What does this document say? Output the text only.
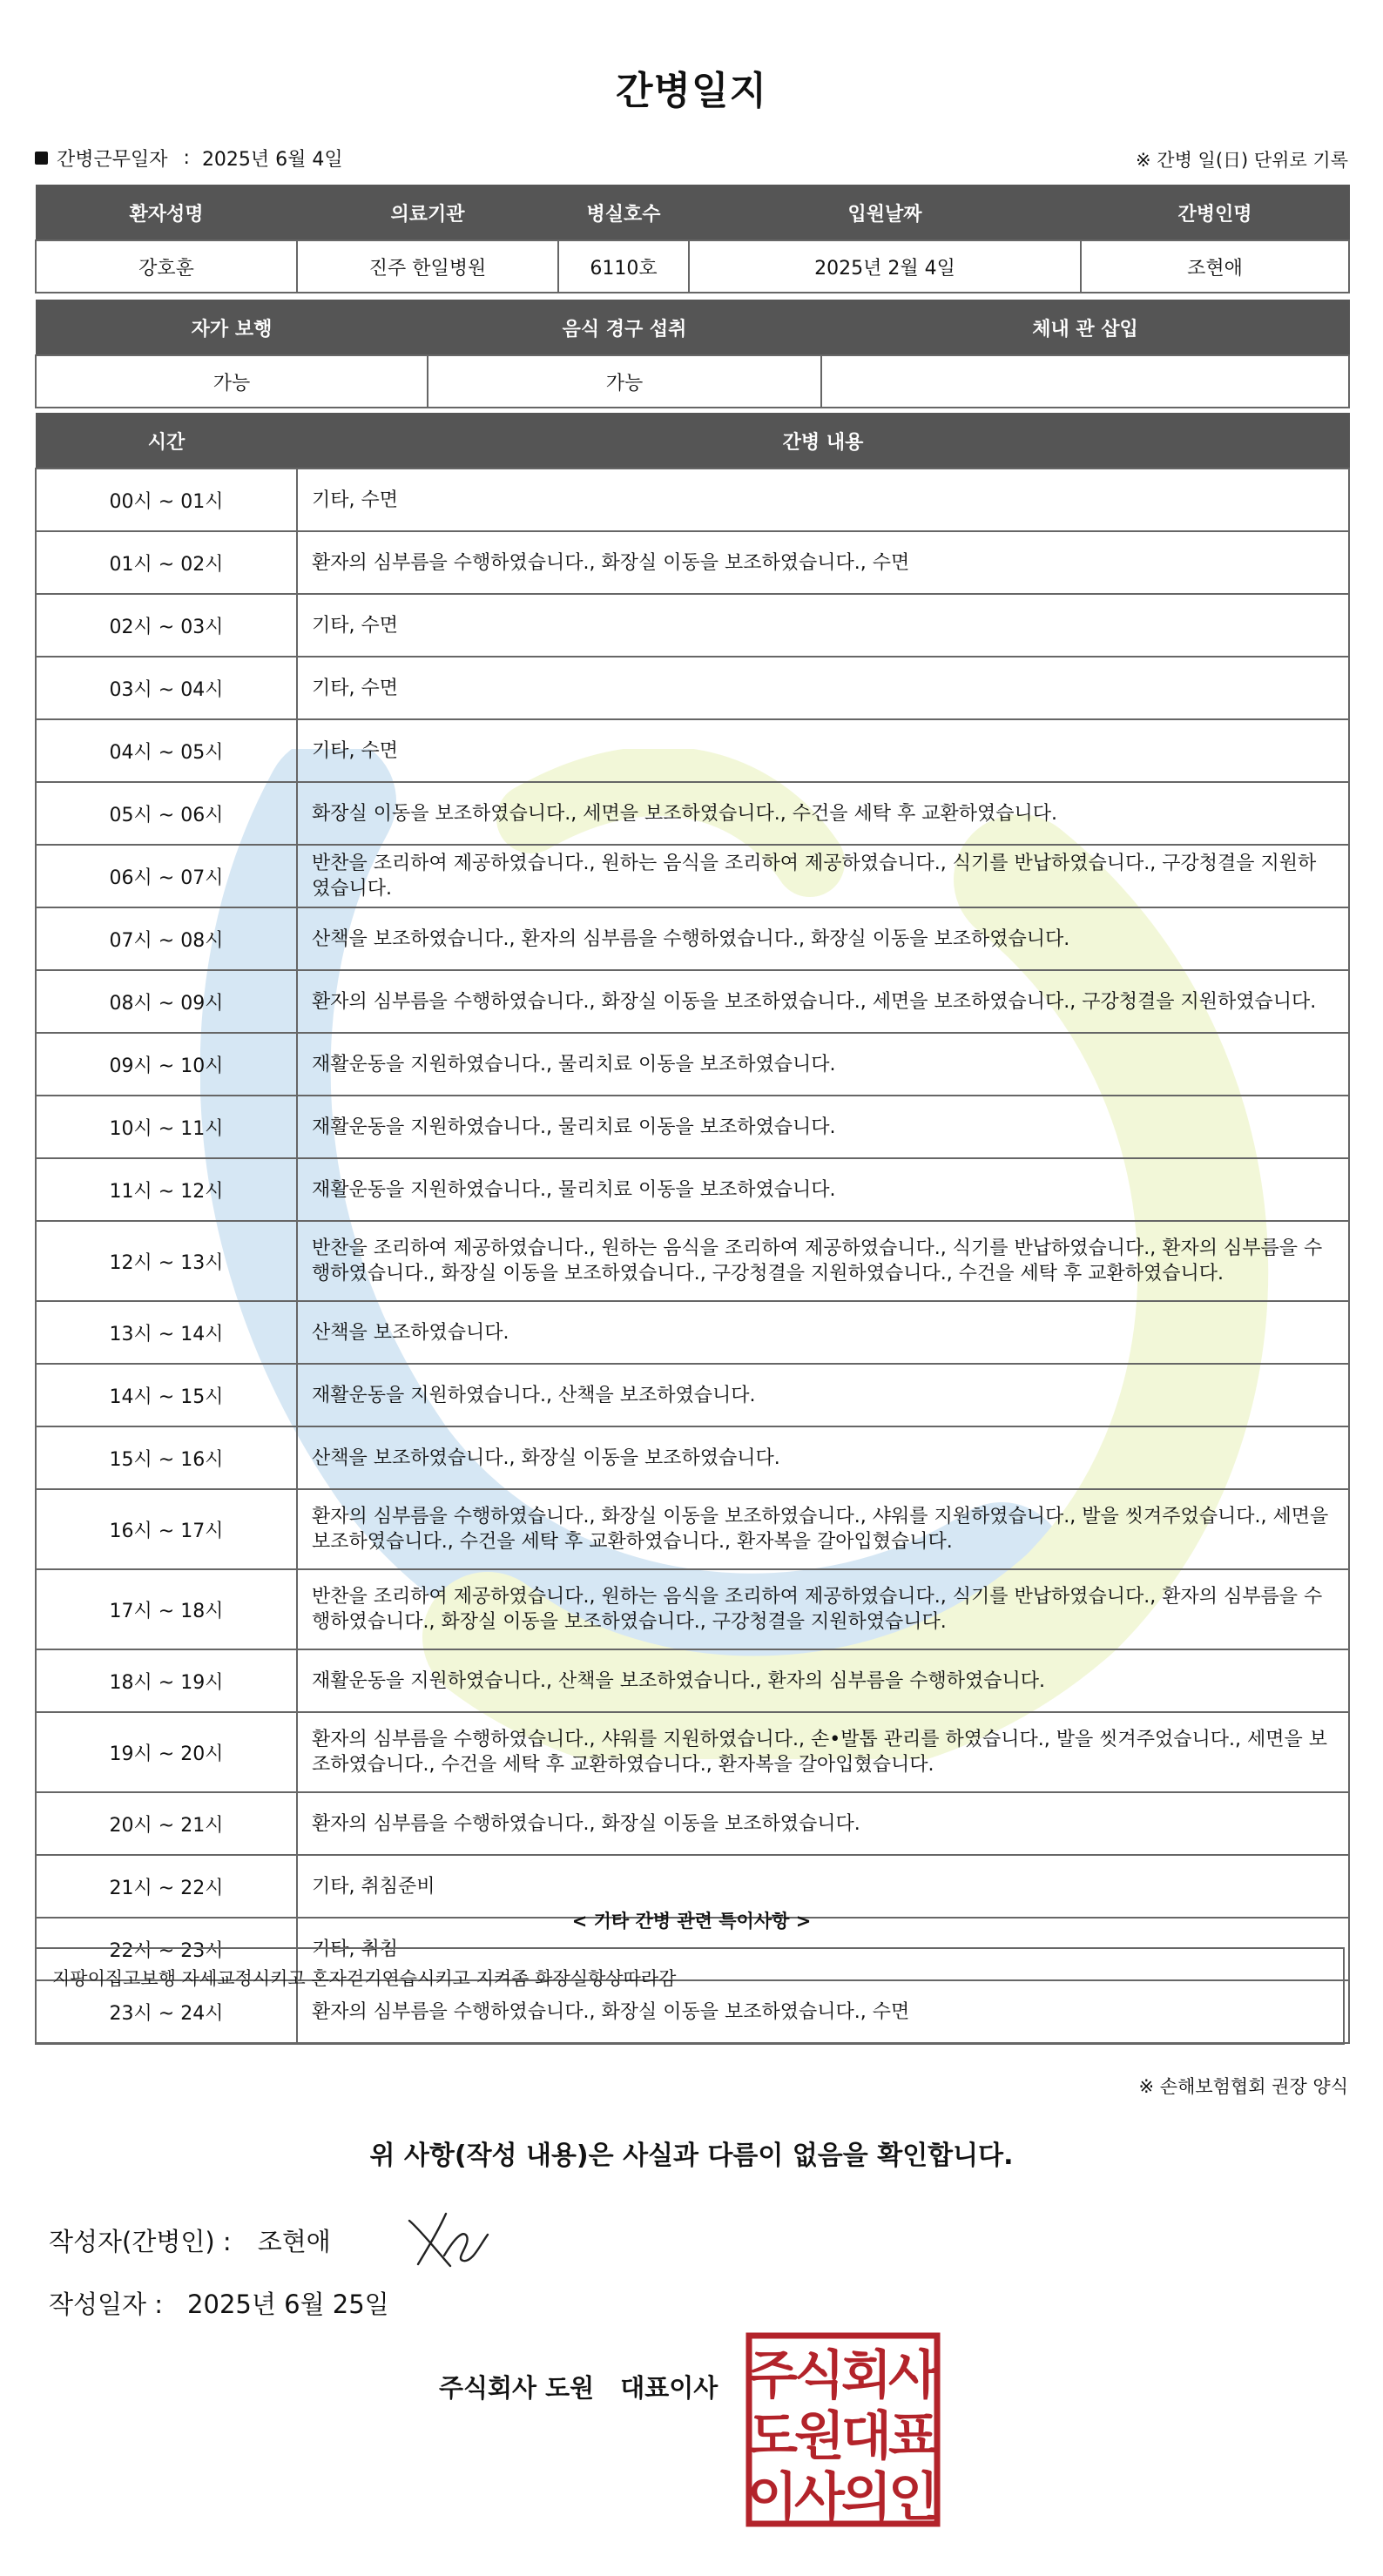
간병일지
간병근무일자 : 2025년 6월 4일	※ 간병 일(日) 단위로 기록
환자성명	의료기관	병실호수	입원날짜	간병인명
강호훈	진주 한일병원	6110호	2025년 2월 4일	조현애
자가 보행	음식 경구 섭취	체내 관 삽입
가능	가능	
시간	간병 내용
00시 ~ 01시	기타, 수면
01시 ~ 02시	환자의 심부름을 수행하였습니다., 화장실 이동을 보조하였습니다., 수면
02시 ~ 03시	기타, 수면
03시 ~ 04시	기타, 수면
04시 ~ 05시	기타, 수면
05시 ~ 06시	화장실 이동을 보조하였습니다., 세면을 보조하였습니다., 수건을 세탁 후 교환하였습니다.
06시 ~ 07시	반찬을 조리하여 제공하였습니다., 원하는 음식을 조리하여 제공하였습니다., 식기를 반납하였습니다., 구강청결을 지원하였습니다.
07시 ~ 08시	산책을 보조하였습니다., 환자의 심부름을 수행하였습니다., 화장실 이동을 보조하였습니다.
08시 ~ 09시	환자의 심부름을 수행하였습니다., 화장실 이동을 보조하였습니다., 세면을 보조하였습니다., 구강청결을 지원하였습니다.
09시 ~ 10시	재활운동을 지원하였습니다., 물리치료 이동을 보조하였습니다.
10시 ~ 11시	재활운동을 지원하였습니다., 물리치료 이동을 보조하였습니다.
11시 ~ 12시	재활운동을 지원하였습니다., 물리치료 이동을 보조하였습니다.
12시 ~ 13시	반찬을 조리하여 제공하였습니다., 원하는 음식을 조리하여 제공하였습니다., 식기를 반납하였습니다., 환자의 심부름을 수행하였습니다., 화장실 이동을 보조하였습니다., 구강청결을 지원하였습니다., 수건을 세탁 후 교환하였습니다.
13시 ~ 14시	산책을 보조하였습니다.
14시 ~ 15시	재활운동을 지원하였습니다., 산책을 보조하였습니다.
15시 ~ 16시	산책을 보조하였습니다., 화장실 이동을 보조하였습니다.
16시 ~ 17시	환자의 심부름을 수행하였습니다., 화장실 이동을 보조하였습니다., 샤워를 지원하였습니다., 발을 씻겨주었습니다., 세면을 보조하였습니다., 수건을 세탁 후 교환하였습니다., 환자복을 갈아입혔습니다.
17시 ~ 18시	반찬을 조리하여 제공하였습니다., 원하는 음식을 조리하여 제공하였습니다., 식기를 반납하였습니다., 환자의 심부름을 수행하였습니다., 화장실 이동을 보조하였습니다., 구강청결을 지원하였습니다.
18시 ~ 19시	재활운동을 지원하였습니다., 산책을 보조하였습니다., 환자의 심부름을 수행하였습니다.
19시 ~ 20시	환자의 심부름을 수행하였습니다., 샤워를 지원하였습니다., 손•발톱 관리를 하였습니다., 발을 씻겨주었습니다., 세면을 보조하였습니다., 수건을 세탁 후 교환하였습니다., 환자복을 갈아입혔습니다.
20시 ~ 21시	환자의 심부름을 수행하였습니다., 화장실 이동을 보조하였습니다.
21시 ~ 22시	기타, 취침준비
22시 ~ 23시	기타, 취침
23시 ~ 24시	환자의 심부름을 수행하였습니다., 화장실 이동을 보조하였습니다., 수면
< 기타 간병 관련 특이사항 >
지팡이집고보행 자세교정시키고 혼자걷기연습시키고 지켜좀 화장실항상따라감
※ 손해보험협회 권장 양식
위 사항(작성 내용)은 사실과 다름이 없음을 확인합니다.
작성자(간병인) : 조현애
작성일자 : 2025년 6월 25일
주식회사 도원 대표이사 주
식
회
사
도
원
대
표
이
사
의
인
